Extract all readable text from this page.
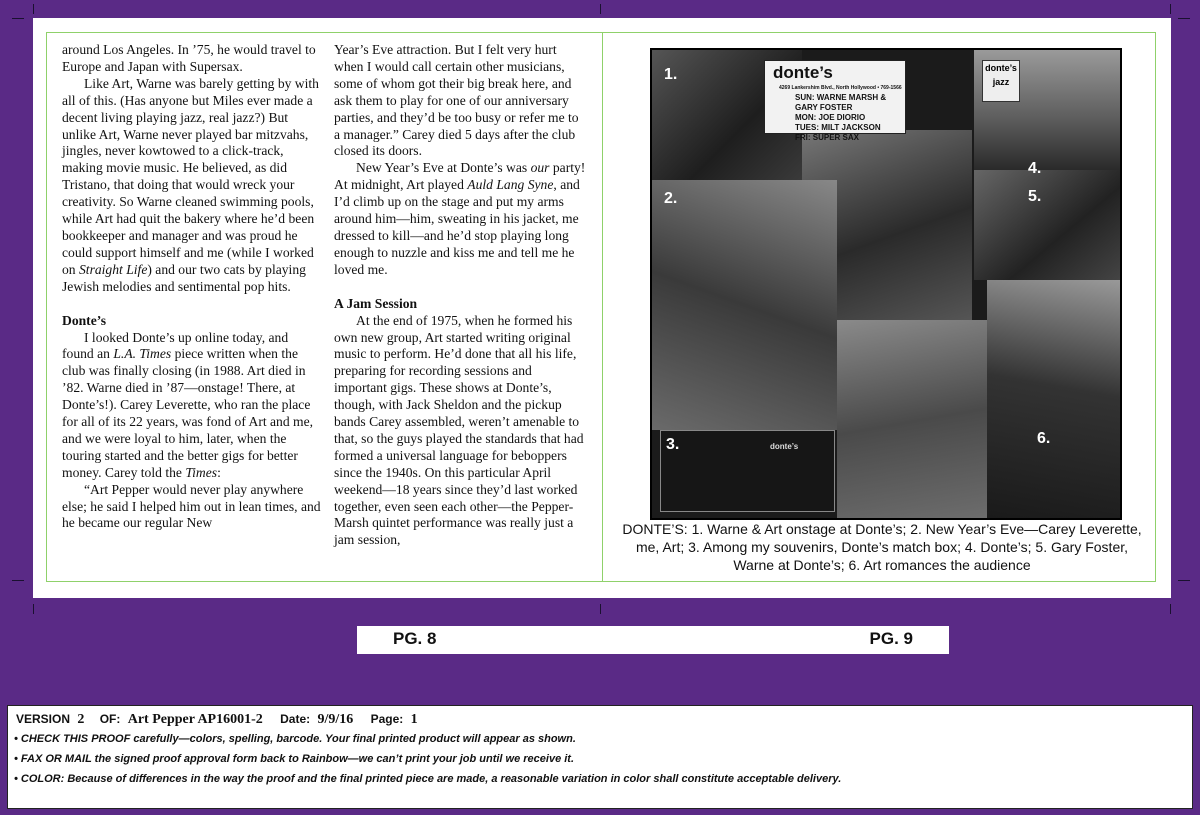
around Los Angeles. In ’75, he would travel to Europe and Japan with Supersax.

Like Art, Warne was barely getting by with all of this. (Has anyone but Miles ever made a decent living playing jazz, real jazz?) But unlike Art, Warne never played bar mitzvahs, jingles, never kowtowed to a click-track, making movie music. He believed, as did Tristano, that doing that would wreck your creativity. So Warne cleaned swimming pools, while Art had quit the bakery where he’d been bookkeeper and manager and was proud he could support himself and me (while I worked on Straight Life) and our two cats by playing Jewish melodies and sentimental pop hits.

Donte’s

I looked Donte’s up online today, and found an L.A. Times piece written when the club was finally closing (in 1988. Art died in ’82. Warne died in ’87—onstage! There, at Donte’s!). Carey Leverette, who ran the place for all of its 22 years, was fond of Art and me, and we were loyal to him, later, when the touring started and the better gigs for better money. Carey told the Times:

“Art Pepper would never play anywhere else; he said I helped him out in lean times, and he became our regular New

Year’s Eve attraction. But I felt very hurt when I would call certain other musicians, some of whom got their big break here, and ask them to play for one of our anniversary parties, and they’d be too busy or refer me to a manager.” Carey died 5 days after the club closed its doors.

New Year’s Eve at Donte’s was our party! At midnight, Art played Auld Lang Syne, and I’d climb up on the stage and put my arms around him—him, sweating in his jacket, me dressed to kill—and he’d stop playing long enough to nuzzle and kiss me and tell me he loved me.

A Jam Session

At the end of 1975, when he formed his own new group, Art started writing original music to perform. He’d done that all his life, preparing for recording sessions and important gigs. These shows at Donte’s, though, with Jack Sheldon and the pickup bands Carey assembled, weren’t amenable to that, so the guys played the standards that had formed a universal language for beboppers since the 1940s. On this particular April weekend—18 years since they’d last worked together, even seen each other—the Pepper-Marsh quintet performance was really just a jam session,

donte’s
4269 Lankershim Blvd., North Hollywood • 769-1566
SUN: WARNE MARSH & GARY FOSTER
MON: JOE DIORIO
TUES: MILT JACKSON
FRI: SUPER SAX
donte’s
jazz
donte’s
1.
2.
3.
4.
5.
6.
DONTE’S: 1. Warne & Art onstage at Donte’s; 2. New Year’s Eve—Carey Leverette, me, Art; 3. Among my souvenirs, Donte’s match box; 4. Donte’s; 5. Gary Foster, Warne at Donte’s; 6. Art romances the audience
PG. 8	PG. 9
VERSION 2 OF: Art Pepper AP16001-2 Date: 9/9/16 Page: 1
• CHECK THIS PROOF carefully—colors, spelling, barcode. Your final printed product will appear as shown.
• FAX OR MAIL the signed proof approval form back to Rainbow—we can’t print your job until we receive it.
• COLOR: Because of differences in the way the proof and the final printed piece are made, a reasonable variation in color shall constitute acceptable delivery.
